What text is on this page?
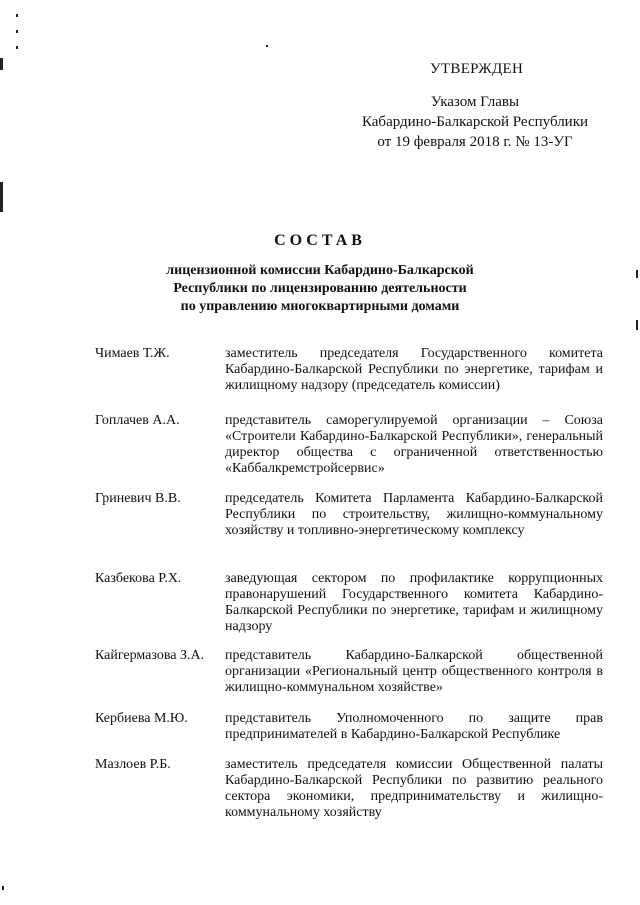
УТВЕРЖДЕН
Указом Главы
Кабардино-Балкарской Республики
от 19 февраля 2018 г. № 13-УГ
СОСТАВ
лицензионной комиссии Кабардино-Балкарской
Республики по лицензированию деятельности
по управлению многоквартирными домами
Чимаев Т.Ж.	заместитель председателя Государственного комитета Кабардино-Балкарской Республики по энергетике, тарифам и жилищному надзору (председатель комиссии)
Гоплачев А.А.	представитель саморегулируемой организации – Союза «Строители Кабардино-Балкарской Республики», генеральный директор общества с ограниченной ответственностью «Каббалкремстройсервис»
Гриневич В.В.	председатель Комитета Парламента Кабардино-Балкарской Республики по строительству, жилищно-коммунальному хозяйству и топливно-энергетическому комплексу
Казбекова Р.Х.	заведующая сектором по профилактике коррупционных правонарушений Государственного комитета Кабардино-Балкарской Республики по энергетике, тарифам и жилищному надзору
Кайгермазова З.А. представитель Кабардино-Балкарской общественной организации «Региональный центр общественного контроля в жилищно-коммунальном хозяйстве»
Кербиева М.Ю.	представитель Уполномоченного по защите прав предпринимателей в Кабардино-Балкарской Республике
Мазлоев Р.Б.	заместитель председателя комиссии Общественной палаты Кабардино-Балкарской Республики по развитию реального сектора экономики, предпринимательству и жилищно-коммунальному хозяйству
